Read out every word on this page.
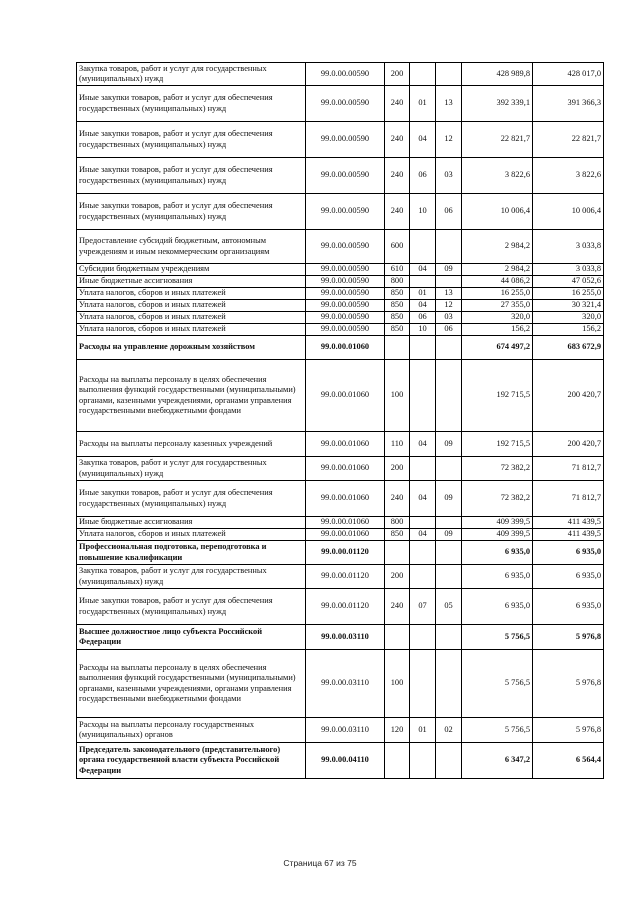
Закупка товаров, работ и услуг для государственных (муниципальных) нужд	99.0.00.00590	200			428 989,8	428 017,0
Иные закупки товаров, работ и услуг для обеспечения государственных (муниципальных) нужд	99.0.00.00590	240	01	13	392 339,1	391 366,3
Иные закупки товаров, работ и услуг для обеспечения государственных (муниципальных) нужд	99.0.00.00590	240	04	12	22 821,7	22 821,7
Иные закупки товаров, работ и услуг для обеспечения государственных (муниципальных) нужд	99.0.00.00590	240	06	03	3 822,6	3 822,6
Иные закупки товаров, работ и услуг для обеспечения государственных (муниципальных) нужд	99.0.00.00590	240	10	06	10 006,4	10 006,4
Предоставление субсидий бюджетным, автономным учреждениям и иным некоммерческим организациям	99.0.00.00590	600			2 984,2	3 033,8
Субсидии бюджетным учреждениям	99.0.00.00590	610	04	09	2 984,2	3 033,8
Иные бюджетные ассигнования	99.0.00.00590	800			44 086,2	47 052,6
Уплата налогов, сборов и иных платежей	99.0.00.00590	850	01	13	16 255,0	16 255,0
Уплата налогов, сборов и иных платежей	99.0.00.00590	850	04	12	27 355,0	30 321,4
Уплата налогов, сборов и иных платежей	99.0.00.00590	850	06	03	320,0	320,0
Уплата налогов, сборов и иных платежей	99.0.00.00590	850	10	06	156,2	156,2
Расходы на управление дорожным хозяйством	99.0.00.01060				674 497,2	683 672,9
Расходы на выплаты персоналу в целях обеспечения выполнения функций государственными (муниципальными) органами, казенными учреждениями, органами управления государственными внебюджетными фондами	99.0.00.01060	100			192 715,5	200 420,7
Расходы на выплаты персоналу казенных учреждений	99.0.00.01060	110	04	09	192 715,5	200 420,7
Закупка товаров, работ и услуг для государственных (муниципальных) нужд	99.0.00.01060	200			72 382,2	71 812,7
Иные закупки товаров, работ и услуг для обеспечения государственных (муниципальных) нужд	99.0.00.01060	240	04	09	72 382,2	71 812,7
Иные бюджетные ассигнования	99.0.00.01060	800			409 399,5	411 439,5
Уплата налогов, сборов и иных платежей	99.0.00.01060	850	04	09	409 399,5	411 439,5
Профессиональная подготовка, переподготовка и повышение квалификации	99.0.00.01120				6 935,0	6 935,0
Закупка товаров, работ и услуг для государственных (муниципальных) нужд	99.0.00.01120	200			6 935,0	6 935,0
Иные закупки товаров, работ и услуг для обеспечения государственных (муниципальных) нужд	99.0.00.01120	240	07	05	6 935,0	6 935,0
Высшее должностное лицо субъекта Российской Федерации	99.0.00.03110				5 756,5	5 976,8
Расходы на выплаты персоналу в целях обеспечения выполнения функций государственными (муниципальными) органами, казенными учреждениями, органами управления государственными внебюджетными фондами	99.0.00.03110	100			5 756,5	5 976,8
Расходы на выплаты персоналу государственных (муниципальных) органов	99.0.00.03110	120	01	02	5 756,5	5 976,8
Председатель законодательного (представительного) органа государственной власти субъекта Российской Федерации	99.0.00.04110				6 347,2	6 564,4
Страница 67 из 75
